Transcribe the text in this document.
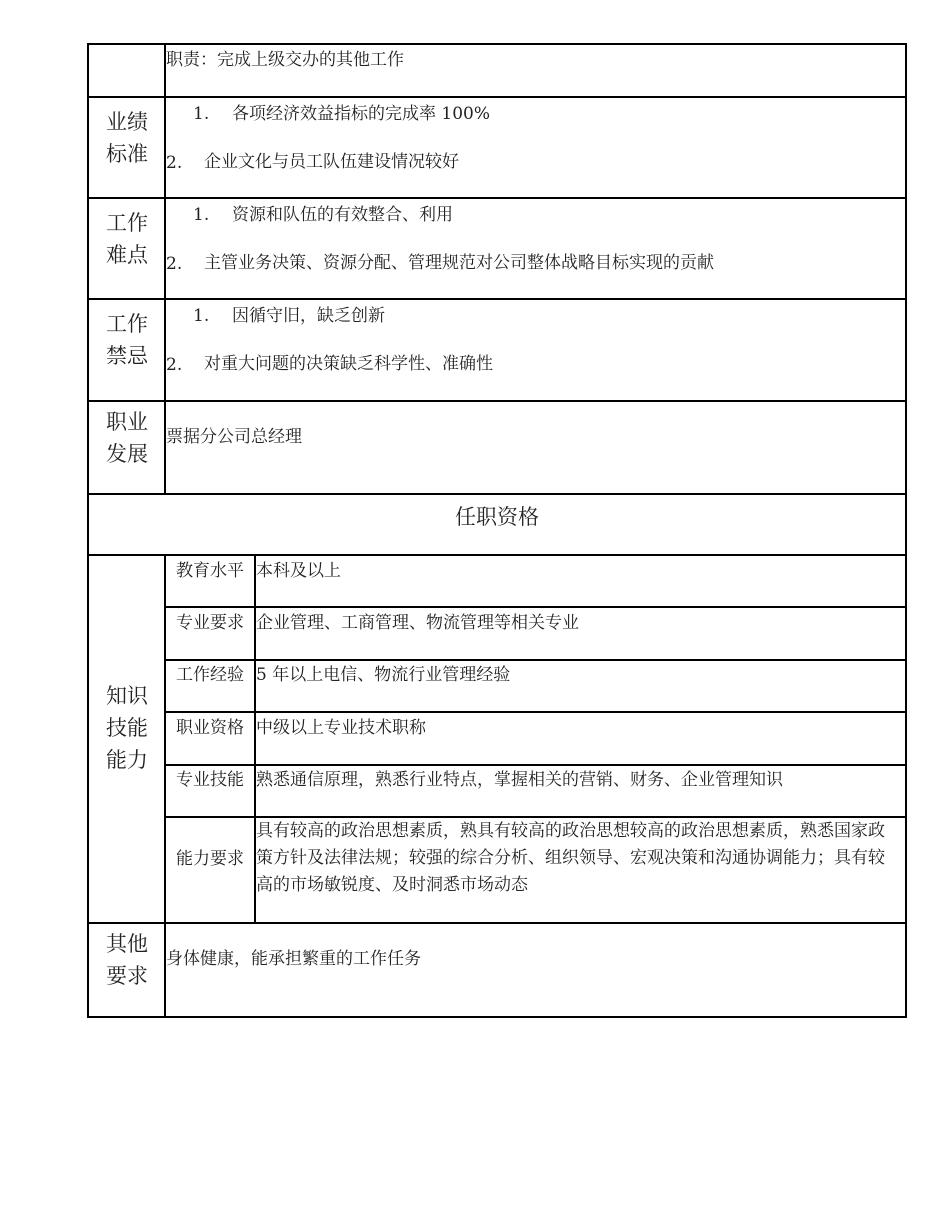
职责：完成上级交办的其他工作
业绩
标准
1. 各项经济效益指标的完成率 100%
2. 企业文化与员工队伍建设情况较好
工作
难点
1. 资源和队伍的有效整合、利用
2. 主管业务决策、资源分配、管理规范对公司整体战略目标实现的贡献
工作
禁忌
1. 因循守旧，缺乏创新
2. 对重大问题的决策缺乏科学性、准确性
职业
发展
票据分公司总经理
任职资格
知识
技能
能力
教育水平 本科及以上
专业要求 企业管理、工商管理、物流管理等相关专业
工作经验 5 年以上电信、物流行业管理经验
职业资格 中级以上专业技术职称
专业技能 熟悉通信原理，熟悉行业特点，掌握相关的营销、财务、企业管理知识
能力要求
具有较高的政治思想素质，熟具有较高的政治思想较高的政治思想素质，熟悉国家政策方针及法律法规；较强的综合分析、组织领导、宏观决策和沟通协调能力；具有较高的市场敏锐度、及时洞悉市场动态
其他
要求
身体健康，能承担繁重的工作任务
